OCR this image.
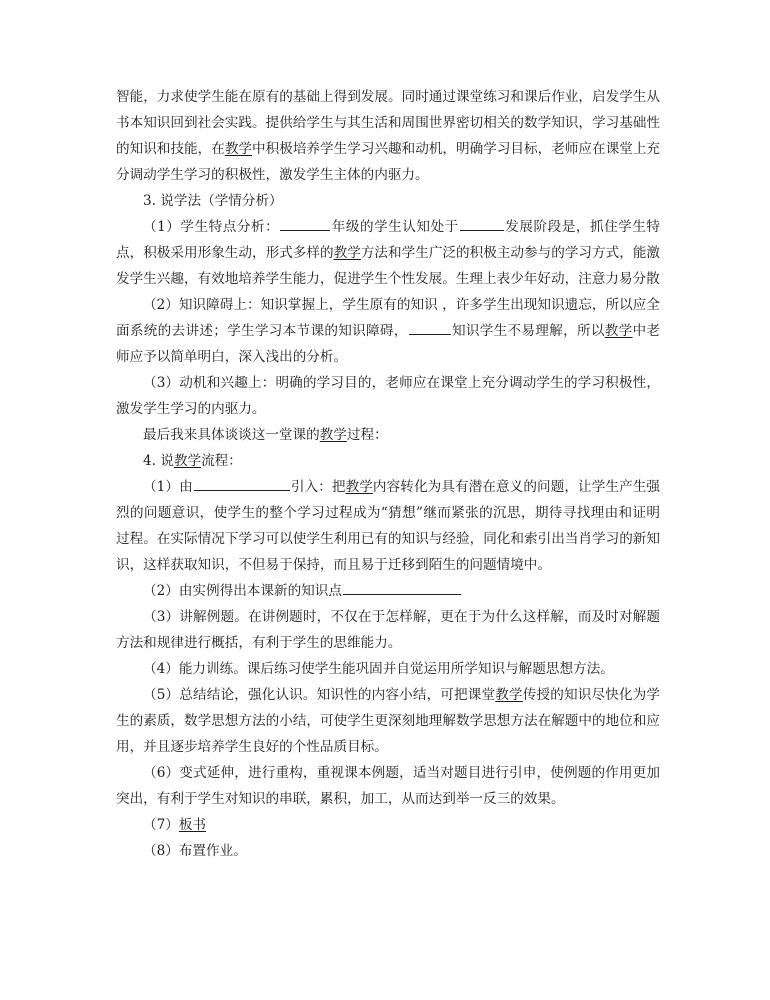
智能，力求使学生能在原有的基础上得到发展。同时通过课堂练习和课后作业，启发学生从书本知识回到社会实践。提供给学生与其生活和周围世界密切相关的数学知识，学习基础性的知识和技能，在教学中积极培养学生学习兴趣和动机，明确学习目标，老师应在课堂上充分调动学生学习的积极性，激发学生主体的内驱力。

3. 说学法（学情分析）

（1）学生特点分析：	年级的学生认知处于	发展阶段是，抓住学生特点，积极采用形象生动，形式多样的教学方法和学生广泛的积极主动参与的学习方式，能激发学生兴趣，有效地培养学生能力，促进学生个性发展。生理上表少年好动，注意力易分散

（2）知识障碍上：知识掌握上，学生原有的知识 ，许多学生出现知识遗忘，所以应全面系统的去讲述；学生学习本节课的知识障碍，	知识学生不易理解，所以教学中老师应予以简单明白，深入浅出的分析。

（3）动机和兴趣上：明确的学习目的，老师应在课堂上充分调动学生的学习积极性，激发学生学习的内驱力。

最后我来具体谈谈这一堂课的教学过程：

4. 说教学流程：

（1）由	引入：把教学内容转化为具有潜在意义的问题，让学生产生强烈的问题意识，使学生的整个学习过程成为“猜想”继而紧张的沉思，期待寻找理由和证明过程。在实际情况下学习可以使学生利用已有的知识与经验，同化和索引出当肖学习的新知识，这样获取知识，不但易于保持，而且易于迁移到陌生的问题情境中。

（2）由实例得出本课新的知识点

（3）讲解例题。在讲例题时，不仅在于怎样解，更在于为什么这样解，而及时对解题方法和规律进行概括，有利于学生的思维能力。

（4）能力训练。课后练习使学生能巩固并自觉运用所学知识与解题思想方法。

（5）总结结论，强化认识。知识性的内容小结，可把课堂教学传授的知识尽快化为学生的素质，数学思想方法的小结，可使学生更深刻地理解数学思想方法在解题中的地位和应用，并且逐步培养学生良好的个性品质目标。

（6）变式延伸，进行重构，重视课本例题，适当对题目进行引申，使例题的作用更加突出，有利于学生对知识的串联，累积，加工，从而达到举一反三的效果。

（7）板书

（8）布置作业。
